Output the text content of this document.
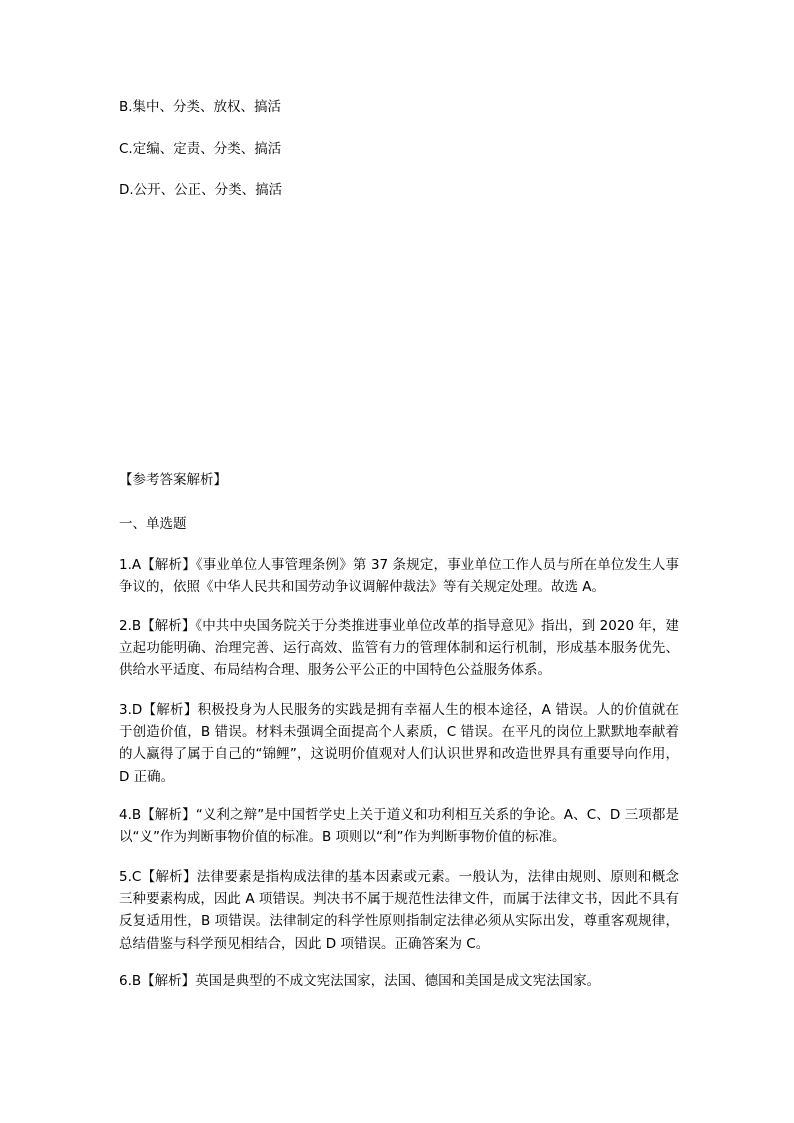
B.集中、分类、放权、搞活

C.定编、定责、分类、搞活

D.公开、公正、分类、搞活

【参考答案解析】

一、单选题

1.A【解析】《事业单位人事管理条例》第 37 条规定，事业单位工作人员与所在单位发生人事争议的，依照《中华人民共和国劳动争议调解仲裁法》等有关规定处理。故选 A。

2.B【解析】《中共中央国务院关于分类推进事业单位改革的指导意见》指出，到 2020 年，建立起功能明确、治理完善、运行高效、监管有力的管理体制和运行机制，形成基本服务优先、供给水平适度、布局结构合理、服务公平公正的中国特色公益服务体系。

3.D【解析】积极投身为人民服务的实践是拥有幸福人生的根本途径，A 错误。人的价值就在于创造价值，B 错误。材料未强调全面提高个人素质，C 错误。在平凡的岗位上默默地奉献着的人赢得了属于自己的“锦鲤”，这说明价值观对人们认识世界和改造世界具有重要导向作用，D 正确。

4.B【解析】“义利之辩”是中国哲学史上关于道义和功利相互关系的争论。A、C、D 三项都是以“义”作为判断事物价值的标准。B 项则以“利”作为判断事物价值的标准。

5.C【解析】法律要素是指构成法律的基本因素或元素。一般认为，法律由规则、原则和概念三种要素构成，因此 A 项错误。判决书不属于规范性法律文件，而属于法律文书，因此不具有反复适用性，B 项错误。法律制定的科学性原则指制定法律必须从实际出发，尊重客观规律，总结借鉴与科学预见相结合，因此 D 项错误。正确答案为 C。

6.B【解析】英国是典型的不成文宪法国家，法国、德国和美国是成文宪法国家。
